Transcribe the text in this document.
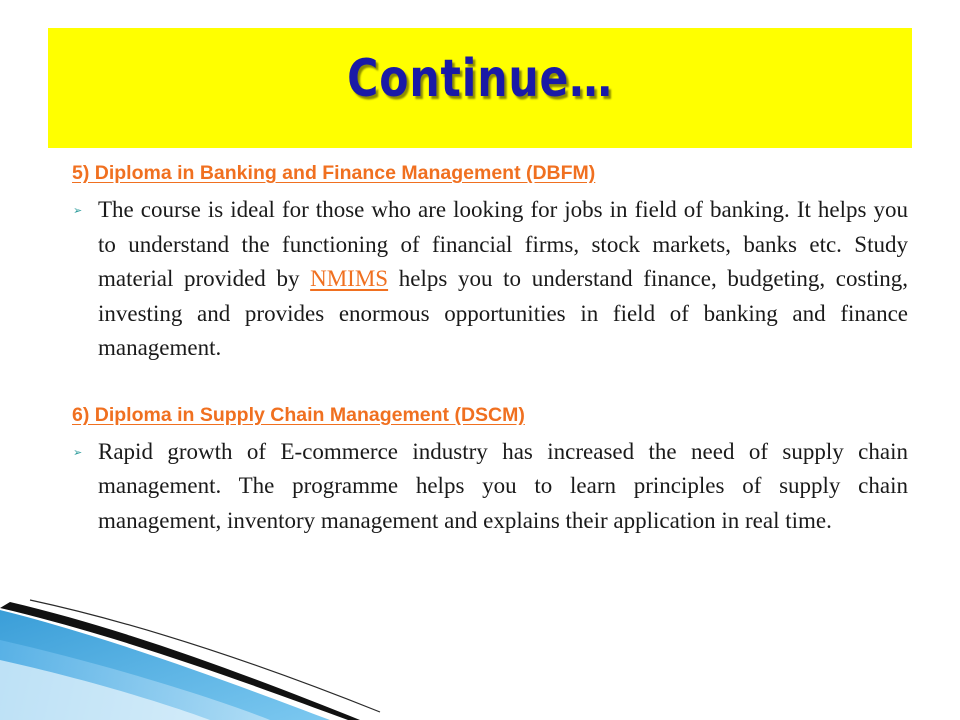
Continue…
5) Diploma in Banking and Finance Management (DBFM)

➢ The course is ideal for those who are looking for jobs in field of banking. It helps you to understand the functioning of financial firms, stock markets, banks etc. Study material provided by NMIMS helps you to understand finance, budgeting, costing, investing and provides enormous opportunities in field of banking and finance management.

6) Diploma in Supply Chain Management (DSCM)

➢ Rapid growth of E-commerce industry has increased the need of supply chain management. The programme helps you to learn principles of supply chain management, inventory management and explains their application in real time.
